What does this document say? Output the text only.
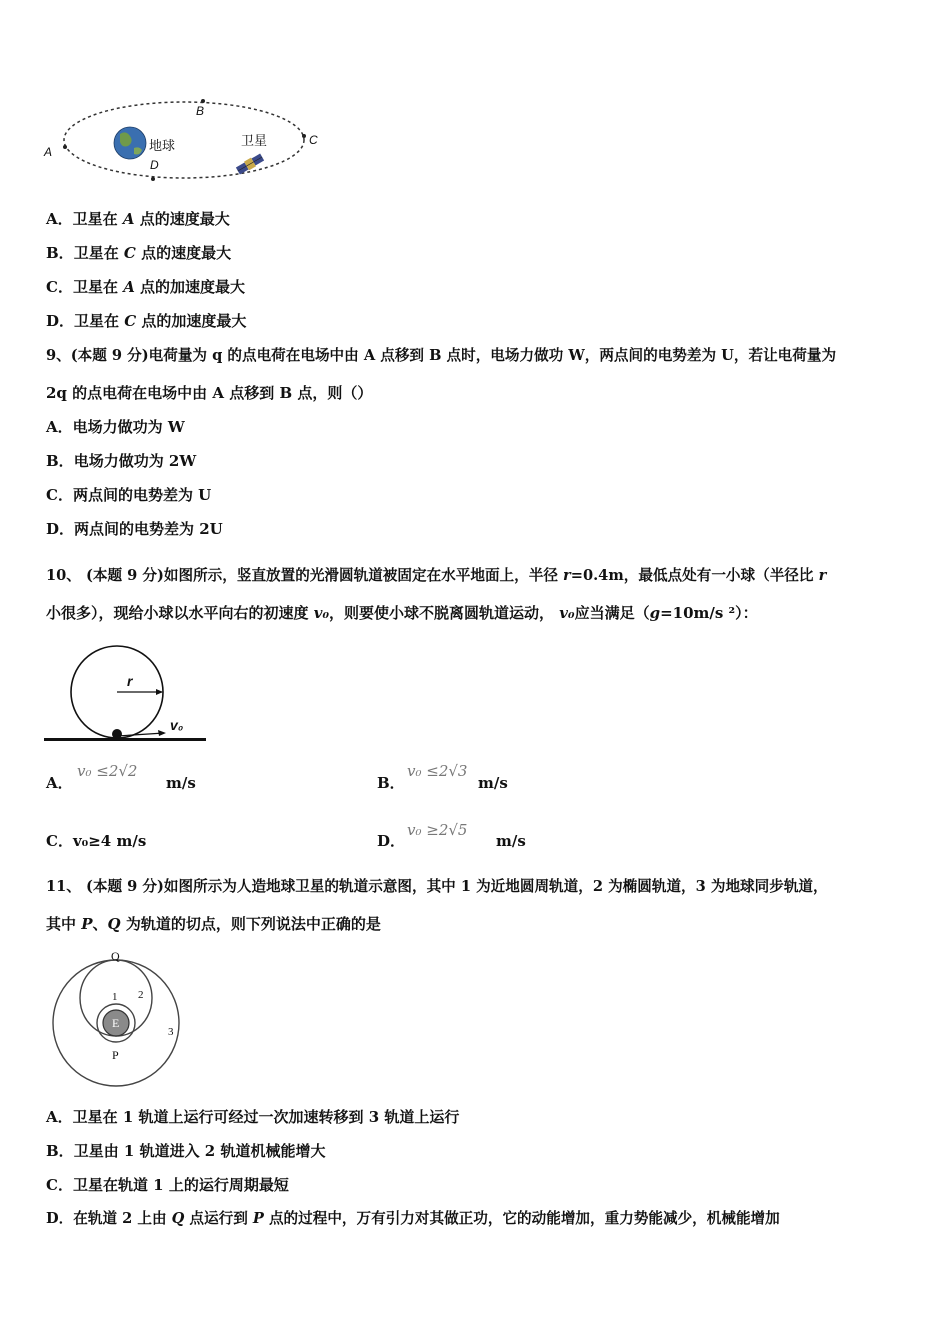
A
B
C
D
地球	卫星
A．卫星在 A 点的速度最大
B．卫星在 C 点的速度最大
C．卫星在 A 点的加速度最大
D．卫星在 C 点的加速度最大
9、(本题 9 分)电荷量为 q 的点电荷在电场中由 A 点移到 B 点时，电场力做功 W，两点间的电势差为 U，若让电荷量为
2q 的点电荷在电场中由 A 点移到 B 点，则（）
A．电场力做功为 W
B．电场力做功为 2W
C．两点间的电势差为 U
D．两点间的电势差为 2U
10、 (本题 9 分)如图所示，竖直放置的光滑圆轨道被固定在水平地面上，半径 r=0.4m，最低点处有一小球（半径比 r
小很多），现给小球以水平向右的初速度 v₀，则要使小球不脱离圆轨道运动， v₀应当满足（g=10m/s ²）：
r
v₀
A．
v₀ ≤2√2
m/s	B．
v₀ ≤2√3
m/s
C．v₀≥4 m/s	D．
v₀ ≥2√5
m/s
11、 (本题 9 分)如图所示为人造地球卫星的轨道示意图，其中 1 为近地圆周轨道，2 为椭圆轨道，3 为地球同步轨道，
其中 P、Q 为轨道的切点，则下列说法中正确的是
Q
P
E
1 2
3
A．卫星在 1 轨道上运行可经过一次加速转移到 3 轨道上运行
B．卫星由 1 轨道进入 2 轨道机械能增大
C．卫星在轨道 1 上的运行周期最短
D．在轨道 2 上由 Q 点运行到 P 点的过程中，万有引力对其做正功，它的动能增加，重力势能减少，机械能增加
